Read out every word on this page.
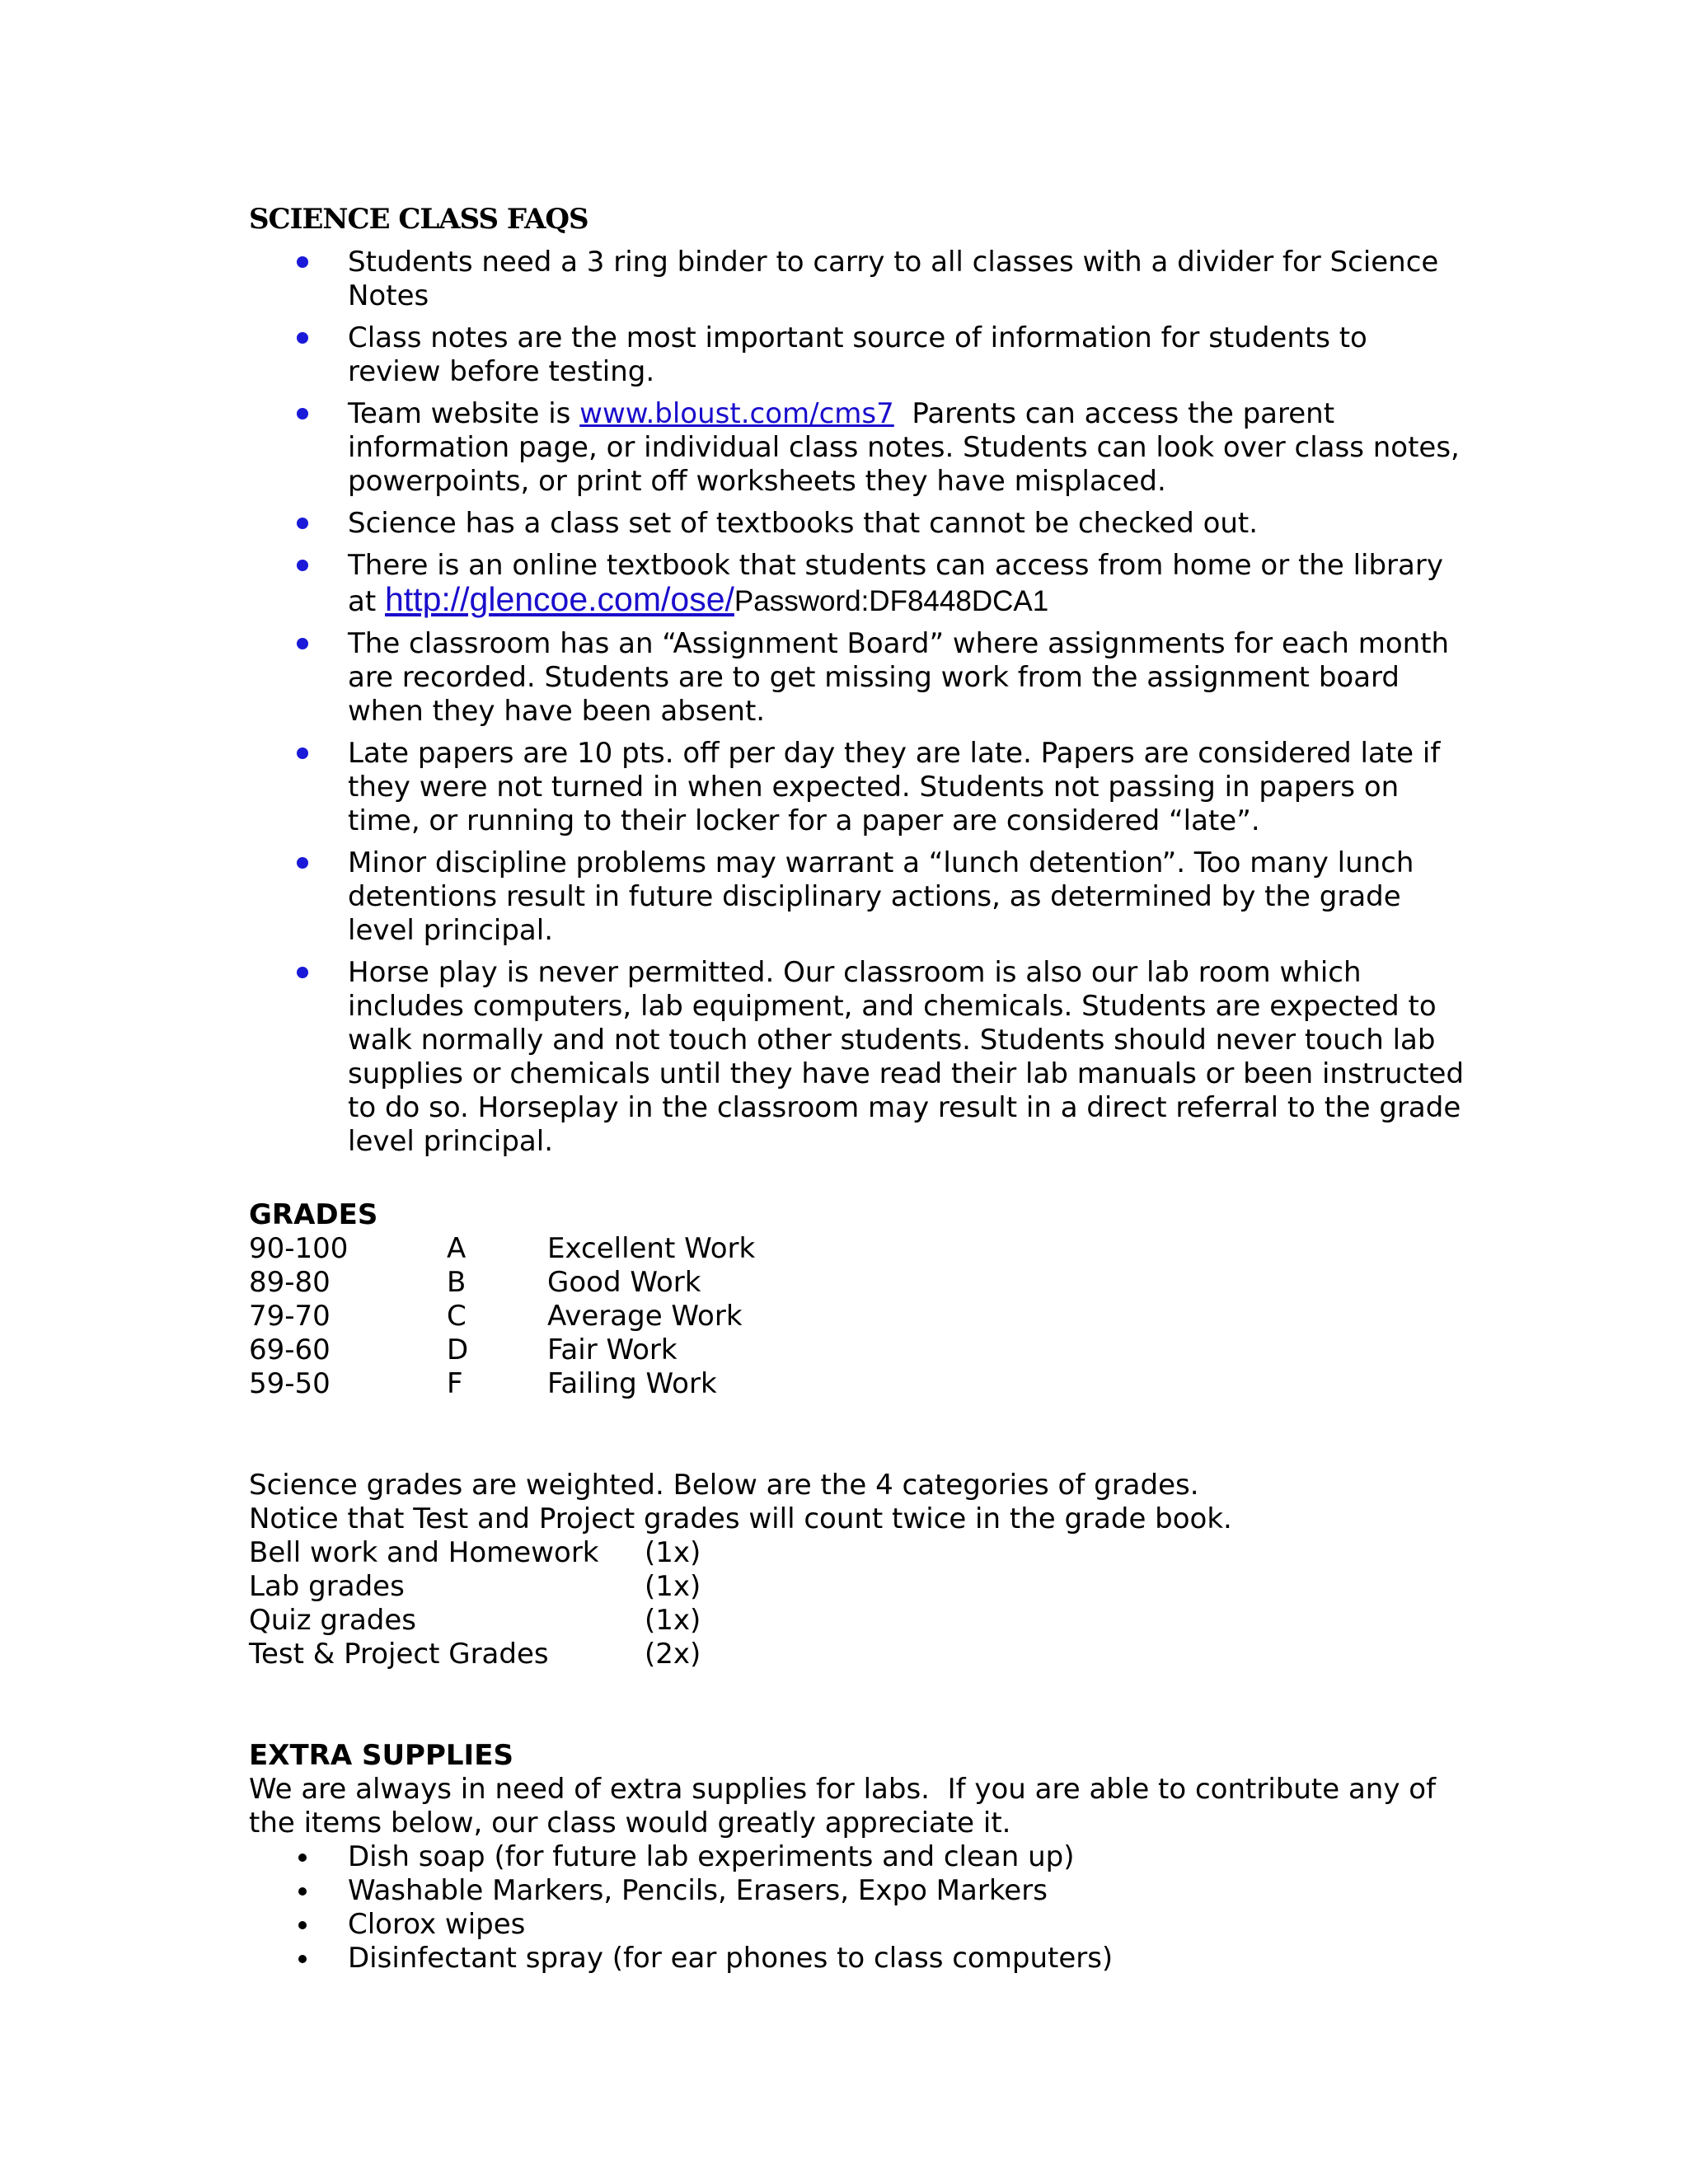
SCIENCE CLASS FAQS
Students need a 3 ring binder to carry to all classes with a divider for Science Notes
Class notes are the most important source of information for students to review before testing.
Team website is www.bloust.com/cms7  Parents can access the parent information page, or individual class notes. Students can look over class notes, powerpoints, or print off worksheets they have misplaced.
Science has a class set of textbooks that cannot be checked out.
There is an online textbook that students can access from home or the library at http://glencoe.com/ose/Password:DF8448DCA1
The classroom has an “Assignment Board” where assignments for each month are recorded. Students are to get missing work from the assignment board when they have been absent.
Late papers are 10 pts. off per day they are late. Papers are considered late if they were not turned in when expected. Students not passing in papers on time, or running to their locker for a paper are considered “late”.
Minor discipline problems may warrant a “lunch detention”. Too many lunch detentions result in future disciplinary actions, as determined by the grade level principal.
Horse play is never permitted. Our classroom is also our lab room which includes computers, lab equipment, and chemicals. Students are expected to walk normally and not touch other students. Students should never touch lab supplies or chemicals until they have read their lab manuals or been instructed to do so. Horseplay in the classroom may result in a direct referral to the grade level principal.
GRADES
90-100	A	Excellent Work
89-80	B	Good Work
79-70	C	Average Work
69-60	D	Fair Work
59-50	F	Failing Work
Science grades are weighted. Below are the 4 categories of grades.
Notice that Test and Project grades will count twice in the grade book.
Bell work and Homework	(1x)
Lab grades	(1x)
Quiz grades	(1x)
Test & Project Grades	(2x)
EXTRA SUPPLIES
We are always in need of extra supplies for labs.  If you are able to contribute any of the items below, our class would greatly appreciate it.
Dish soap (for future lab experiments and clean up)
Washable Markers, Pencils, Erasers, Expo Markers
Clorox wipes
Disinfectant spray (for ear phones to class computers)
